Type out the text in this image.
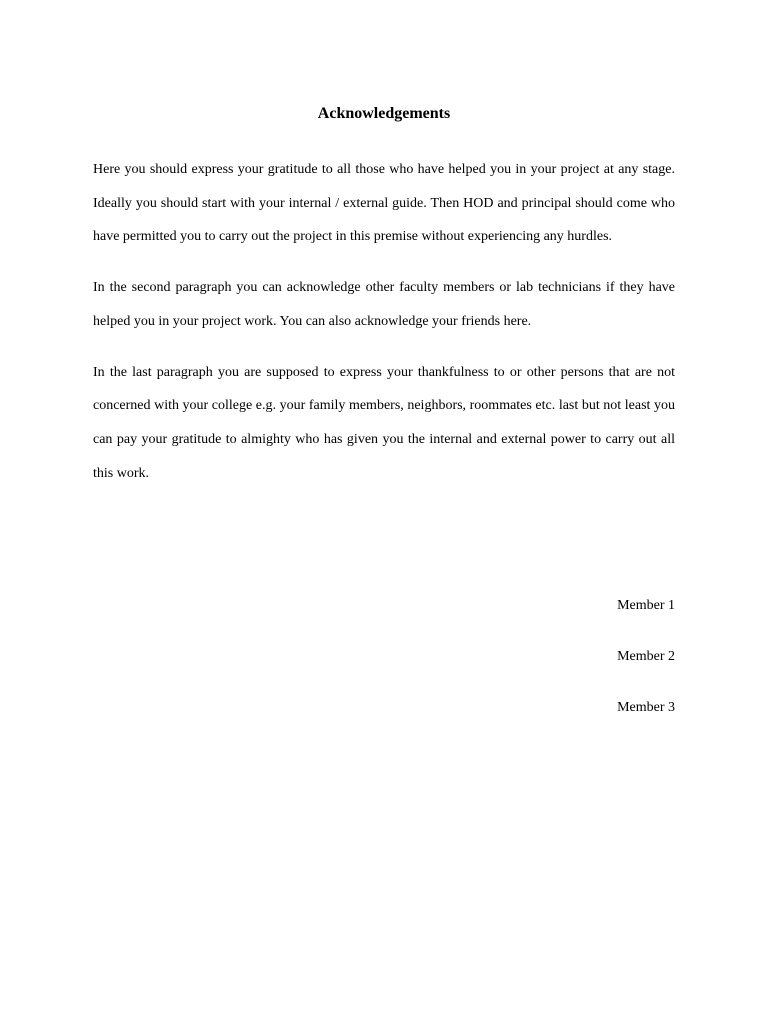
Acknowledgements

Here you should express your gratitude to all those who have helped you in your project at any stage. Ideally you should start with your internal / external guide. Then HOD and principal should come who have permitted you to carry out the project in this premise without experiencing any hurdles.

In the second paragraph you can acknowledge other faculty members or lab technicians if they have helped you in your project work. You can also acknowledge your friends here.

In the last paragraph you are supposed to express your thankfulness to or other persons that are not concerned with your college e.g. your family members, neighbors, roommates etc. last but not least you can pay your gratitude to almighty who has given you the internal and external power to carry out all this work.

Member 1
Member 2
Member 3
